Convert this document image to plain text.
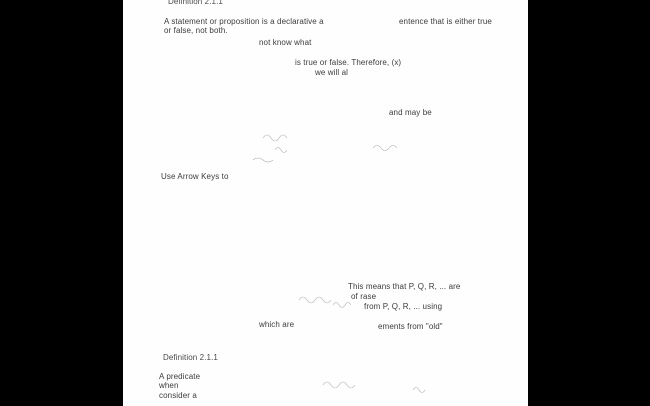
Definition 2.1.1
A statement or proposition is a declarative a	entence that is either true
or false, not both.
not know what
is true or false. Therefore, (x)
we will al
and may be
Use Arrow Keys to
This means that P, Q, R, ... are
of rase
from P, Q, R, ... using
which are	ements from "old"
Definition 2.1.1
A predicate
when
consider a
